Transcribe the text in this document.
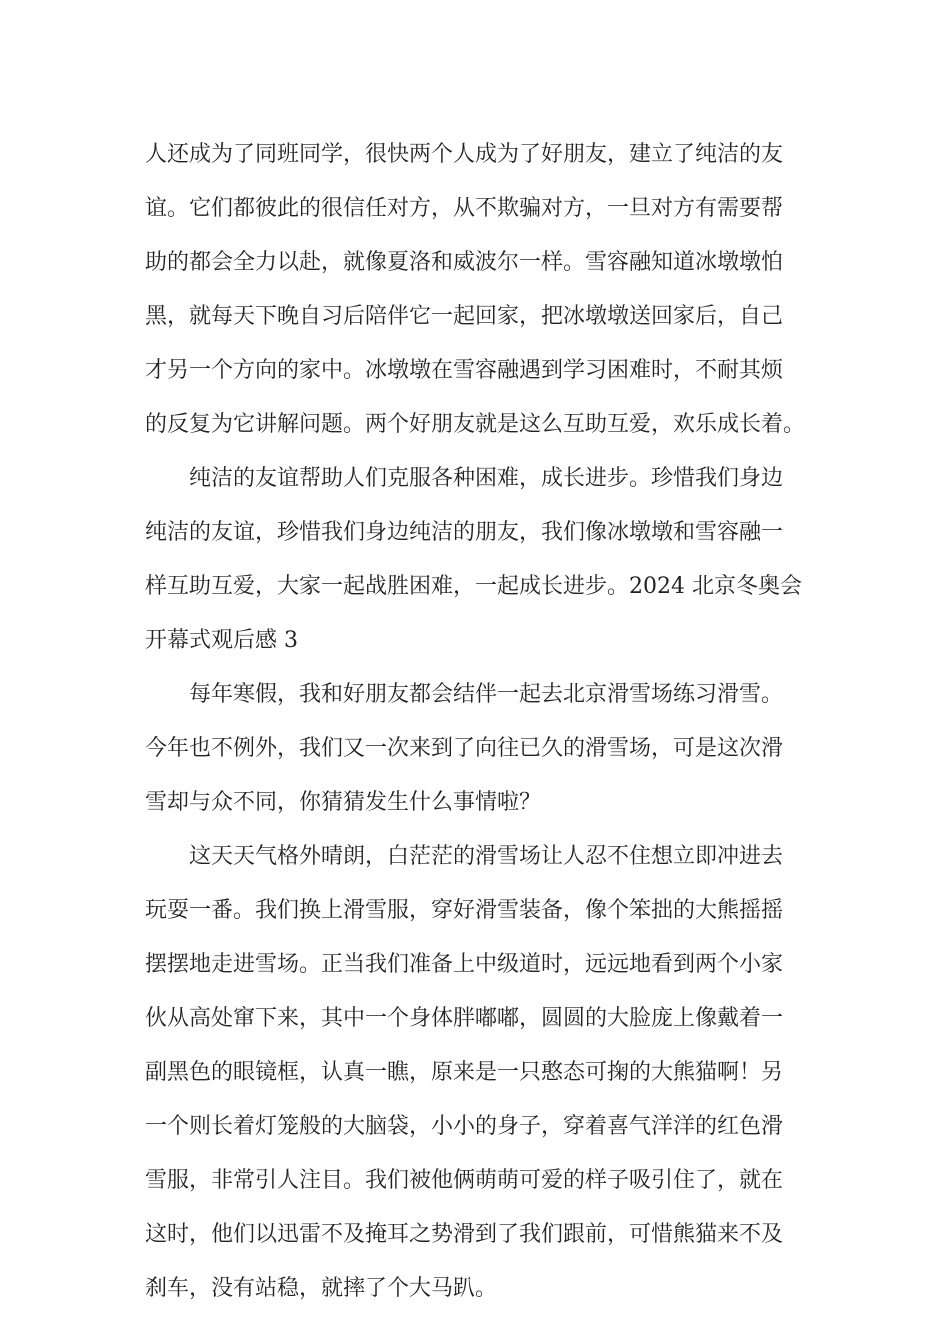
人还成为了同班同学，很快两个人成为了好朋友，建立了纯洁的友
谊。它们都彼此的很信任对方，从不欺骗对方，一旦对方有需要帮
助的都会全力以赴，就像夏洛和威波尔一样。雪容融知道冰墩墩怕
黑，就每天下晚自习后陪伴它一起回家，把冰墩墩送回家后，自己
才另一个方向的家中。冰墩墩在雪容融遇到学习困难时，不耐其烦
的反复为它讲解问题。两个好朋友就是这么互助互爱，欢乐成长着。
纯洁的友谊帮助人们克服各种困难，成长进步。珍惜我们身边
纯洁的友谊，珍惜我们身边纯洁的朋友，我们像冰墩墩和雪容融一
样互助互爱，大家一起战胜困难，一起成长进步。2024 北京冬奥会
开幕式观后感 3
每年寒假，我和好朋友都会结伴一起去北京滑雪场练习滑雪。
今年也不例外，我们又一次来到了向往已久的滑雪场，可是这次滑
雪却与众不同，你猜猜发生什么事情啦？
这天天气格外晴朗，白茫茫的滑雪场让人忍不住想立即冲进去
玩耍一番。我们换上滑雪服，穿好滑雪装备，像个笨拙的大熊摇摇
摆摆地走进雪场。正当我们准备上中级道时，远远地看到两个小家
伙从高处窜下来，其中一个身体胖嘟嘟，圆圆的大脸庞上像戴着一
副黑色的眼镜框，认真一瞧，原来是一只憨态可掬的大熊猫啊！另
一个则长着灯笼般的大脑袋，小小的身子，穿着喜气洋洋的红色滑
雪服，非常引人注目。我们被他俩萌萌可爱的样子吸引住了，就在
这时，他们以迅雷不及掩耳之势滑到了我们跟前，可惜熊猫来不及
刹车，没有站稳，就摔了个大马趴。
